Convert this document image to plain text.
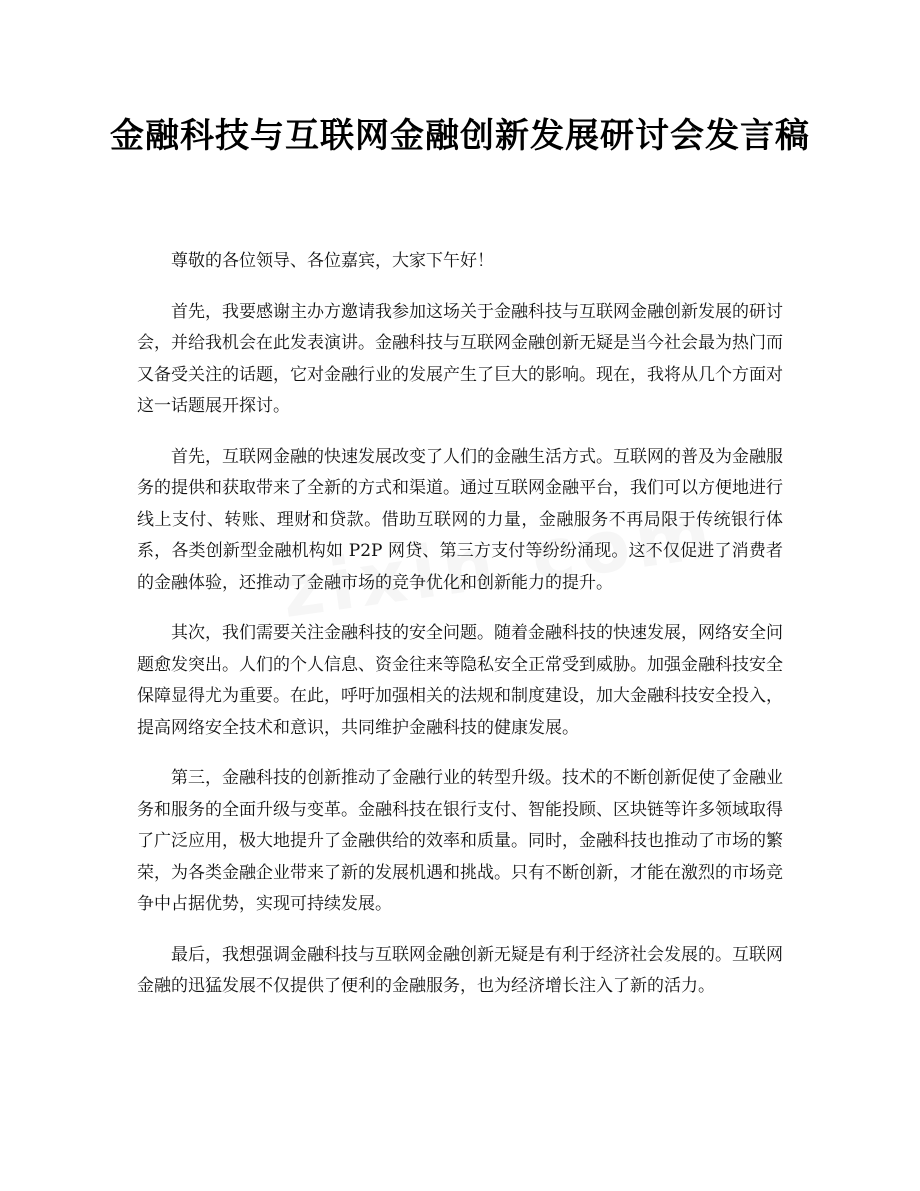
金融科技与互联网金融创新发展研讨会发言稿

尊敬的各位领导、各位嘉宾，大家下午好！

首先，我要感谢主办方邀请我参加这场关于金融科技与互联网金融创新发展的研讨会，并给我机会在此发表演讲。金融科技与互联网金融创新无疑是当今社会最为热门而又备受关注的话题，它对金融行业的发展产生了巨大的影响。现在，我将从几个方面对这一话题展开探讨。

首先，互联网金融的快速发展改变了人们的金融生活方式。互联网的普及为金融服务的提供和获取带来了全新的方式和渠道。通过互联网金融平台，我们可以方便地进行线上支付、转账、理财和贷款。借助互联网的力量，金融服务不再局限于传统银行体系，各类创新型金融机构如 P2P 网贷、第三方支付等纷纷涌现。这不仅促进了消费者的金融体验，还推动了金融市场的竞争优化和创新能力的提升。

其次，我们需要关注金融科技的安全问题。随着金融科技的快速发展，网络安全问题愈发突出。人们的个人信息、资金往来等隐私安全正常受到威胁。加强金融科技安全保障显得尤为重要。在此，呼吁加强相关的法规和制度建设，加大金融科技安全投入，提高网络安全技术和意识，共同维护金融科技的健康发展。

第三，金融科技的创新推动了金融行业的转型升级。技术的不断创新促使了金融业务和服务的全面升级与变革。金融科技在银行支付、智能投顾、区块链等许多领域取得了广泛应用，极大地提升了金融供给的效率和质量。同时，金融科技也推动了市场的繁荣，为各类金融企业带来了新的发展机遇和挑战。只有不断创新，才能在激烈的市场竞争中占据优势，实现可持续发展。

最后，我想强调金融科技与互联网金融创新无疑是有利于经济社会发展的。互联网金融的迅猛发展不仅提供了便利的金融服务，也为经济增长注入了新的活力。
